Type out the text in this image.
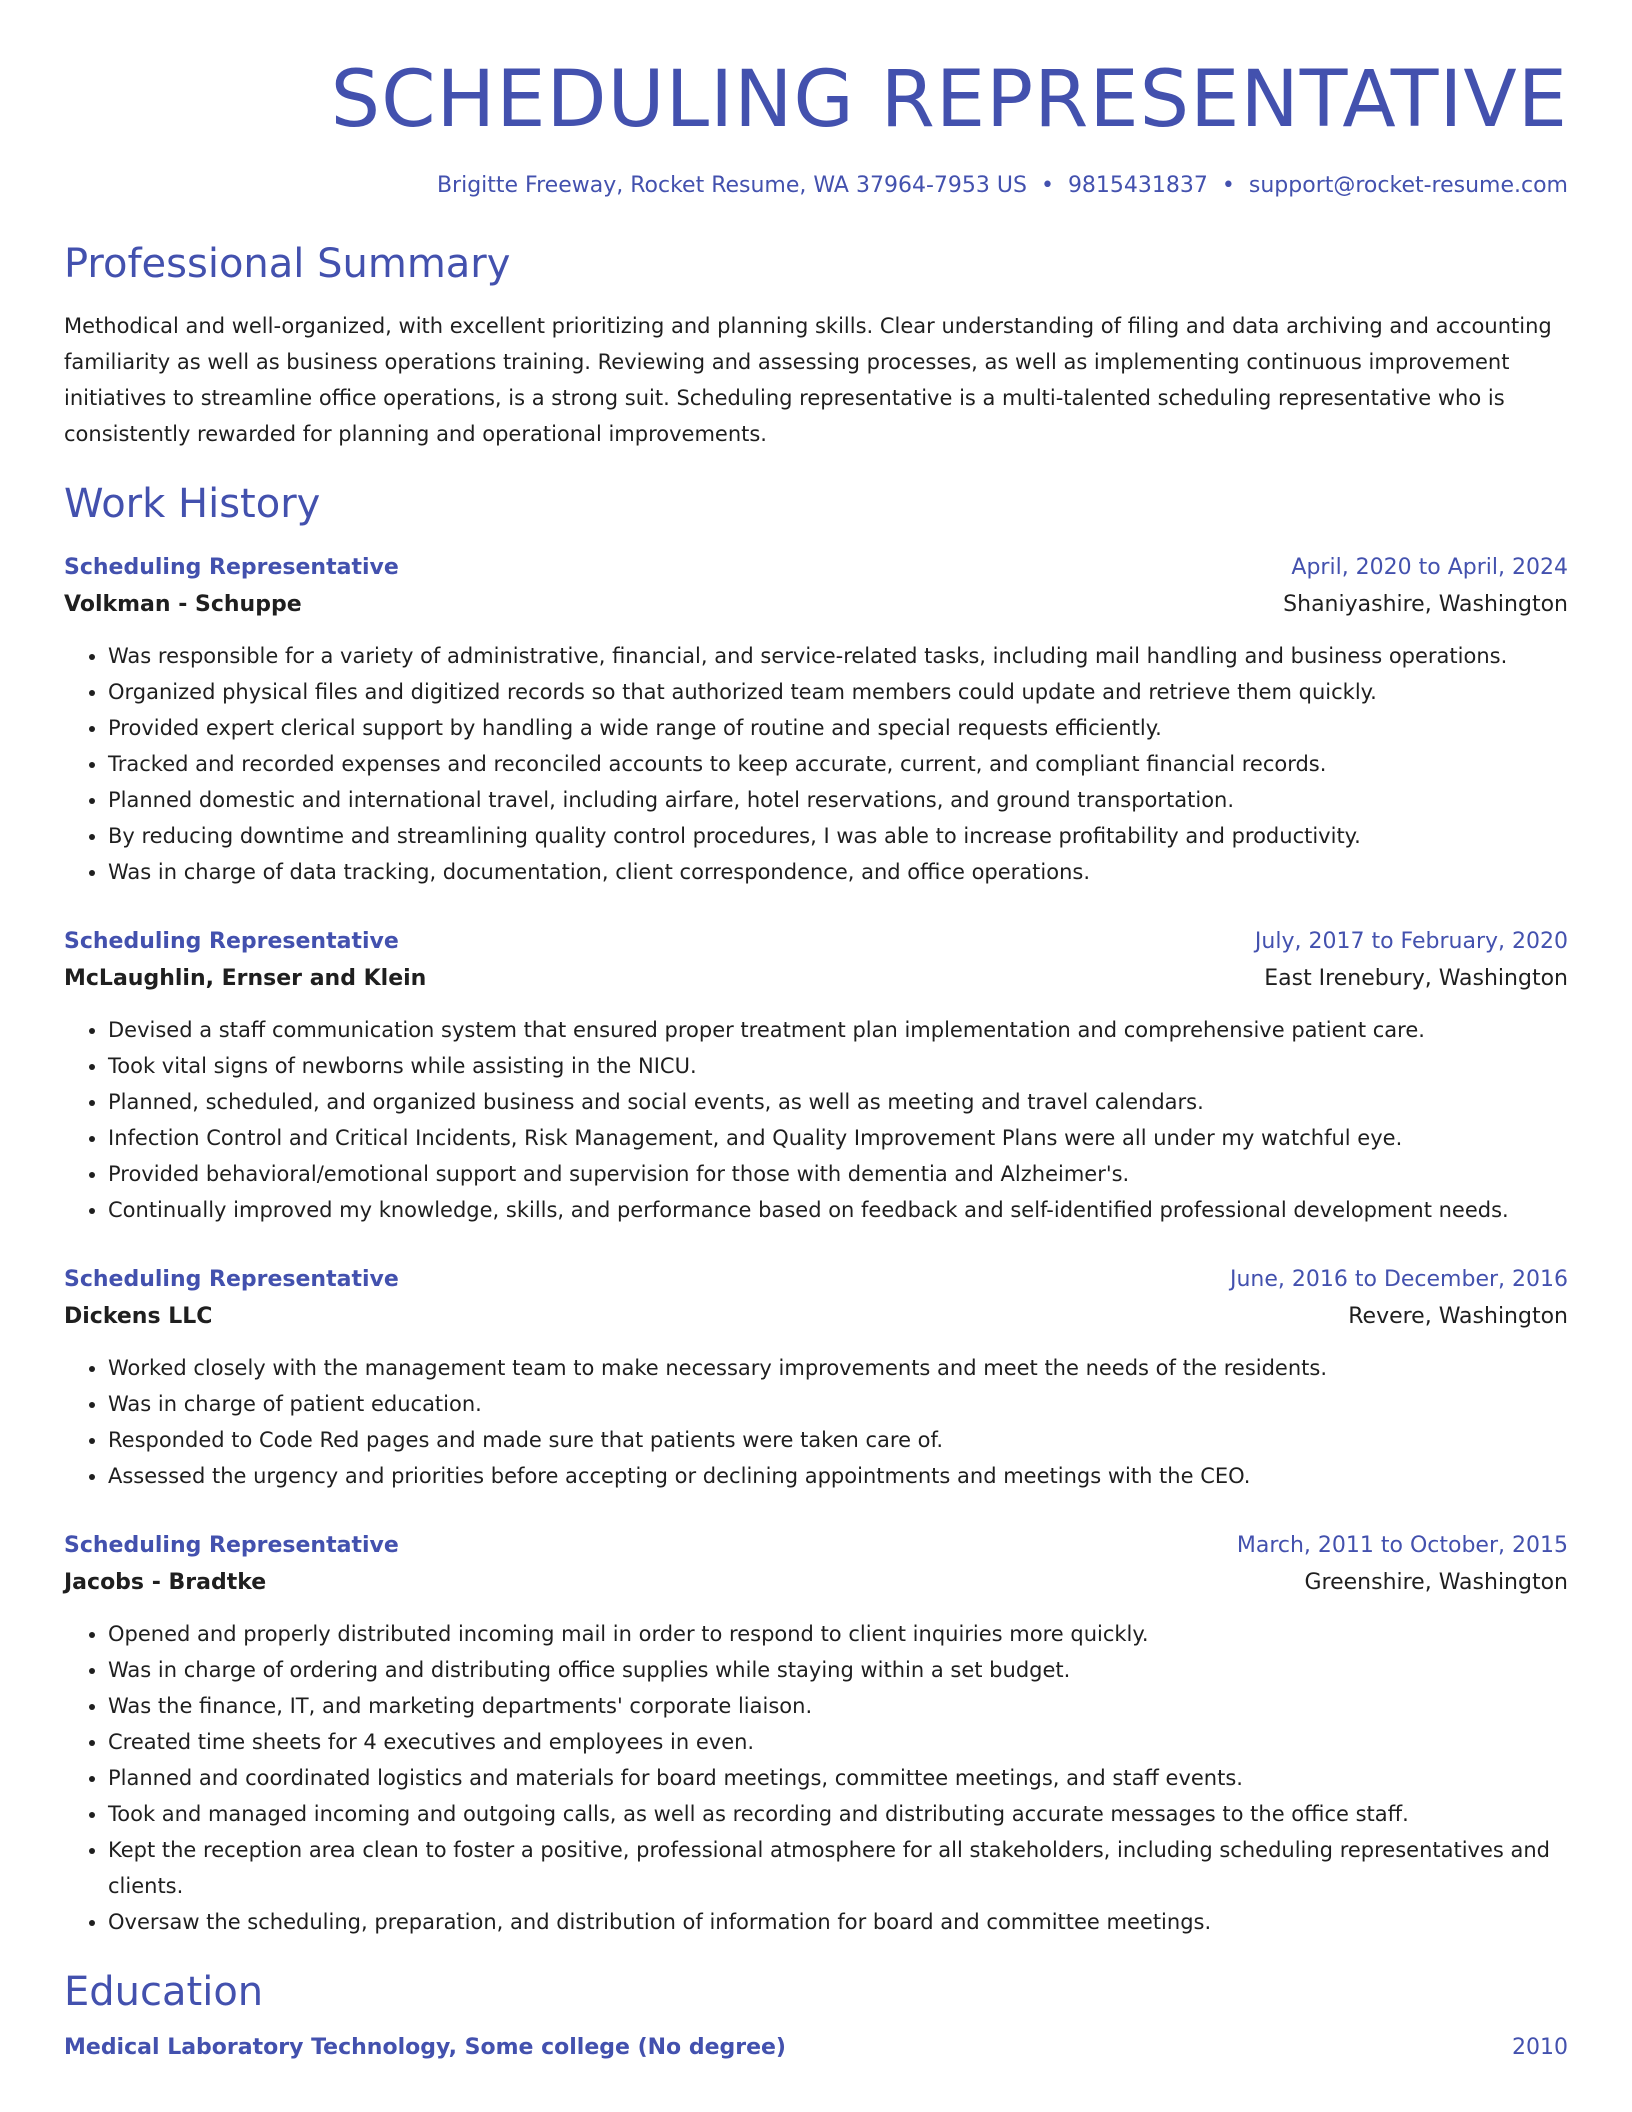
SCHEDULING REPRESENTATIVE
Brigitte Freeway, Rocket Resume, WA 37964-7953 US • 9815431837 • support@rocket-resume.com
Professional Summary

Methodical and well-organized, with excellent prioritizing and planning skills. Clear understanding of filing and data archiving and accounting familiarity as well as business operations training. Reviewing and assessing processes, as well as implementing continuous improvement initiatives to streamline office operations, is a strong suit. Scheduling representative is a multi-talented scheduling representative who is consistently rewarded for planning and operational improvements.

Work History
Scheduling Representative	April, 2020 to April, 2024
Volkman - Schuppe	Shaniyashire, Washington
• Was responsible for a variety of administrative, financial, and service-related tasks, including mail handling and business operations.
• Organized physical files and digitized records so that authorized team members could update and retrieve them quickly.
• Provided expert clerical support by handling a wide range of routine and special requests efficiently.
• Tracked and recorded expenses and reconciled accounts to keep accurate, current, and compliant financial records.
• Planned domestic and international travel, including airfare, hotel reservations, and ground transportation.
• By reducing downtime and streamlining quality control procedures, I was able to increase profitability and productivity.
• Was in charge of data tracking, documentation, client correspondence, and office operations.
Scheduling Representative	July, 2017 to February, 2020
McLaughlin, Ernser and Klein	East Irenebury, Washington
• Devised a staff communication system that ensured proper treatment plan implementation and comprehensive patient care.
• Took vital signs of newborns while assisting in the NICU.
• Planned, scheduled, and organized business and social events, as well as meeting and travel calendars.
• Infection Control and Critical Incidents, Risk Management, and Quality Improvement Plans were all under my watchful eye.
• Provided behavioral/emotional support and supervision for those with dementia and Alzheimer's.
• Continually improved my knowledge, skills, and performance based on feedback and self-identified professional development needs.
Scheduling Representative	June, 2016 to December, 2016
Dickens LLC	Revere, Washington
• Worked closely with the management team to make necessary improvements and meet the needs of the residents.
• Was in charge of patient education.
• Responded to Code Red pages and made sure that patients were taken care of.
• Assessed the urgency and priorities before accepting or declining appointments and meetings with the CEO.
Scheduling Representative	March, 2011 to October, 2015
Jacobs - Bradtke	Greenshire, Washington
• Opened and properly distributed incoming mail in order to respond to client inquiries more quickly.
• Was in charge of ordering and distributing office supplies while staying within a set budget.
• Was the finance, IT, and marketing departments' corporate liaison.
• Created time sheets for 4 executives and employees in even.
• Planned and coordinated logistics and materials for board meetings, committee meetings, and staff events.
• Took and managed incoming and outgoing calls, as well as recording and distributing accurate messages to the office staff.
• Kept the reception area clean to foster a positive, professional atmosphere for all stakeholders, including scheduling representatives and clients.
• Oversaw the scheduling, preparation, and distribution of information for board and committee meetings.
Education
Medical Laboratory Technology, Some college (No degree)	2010
